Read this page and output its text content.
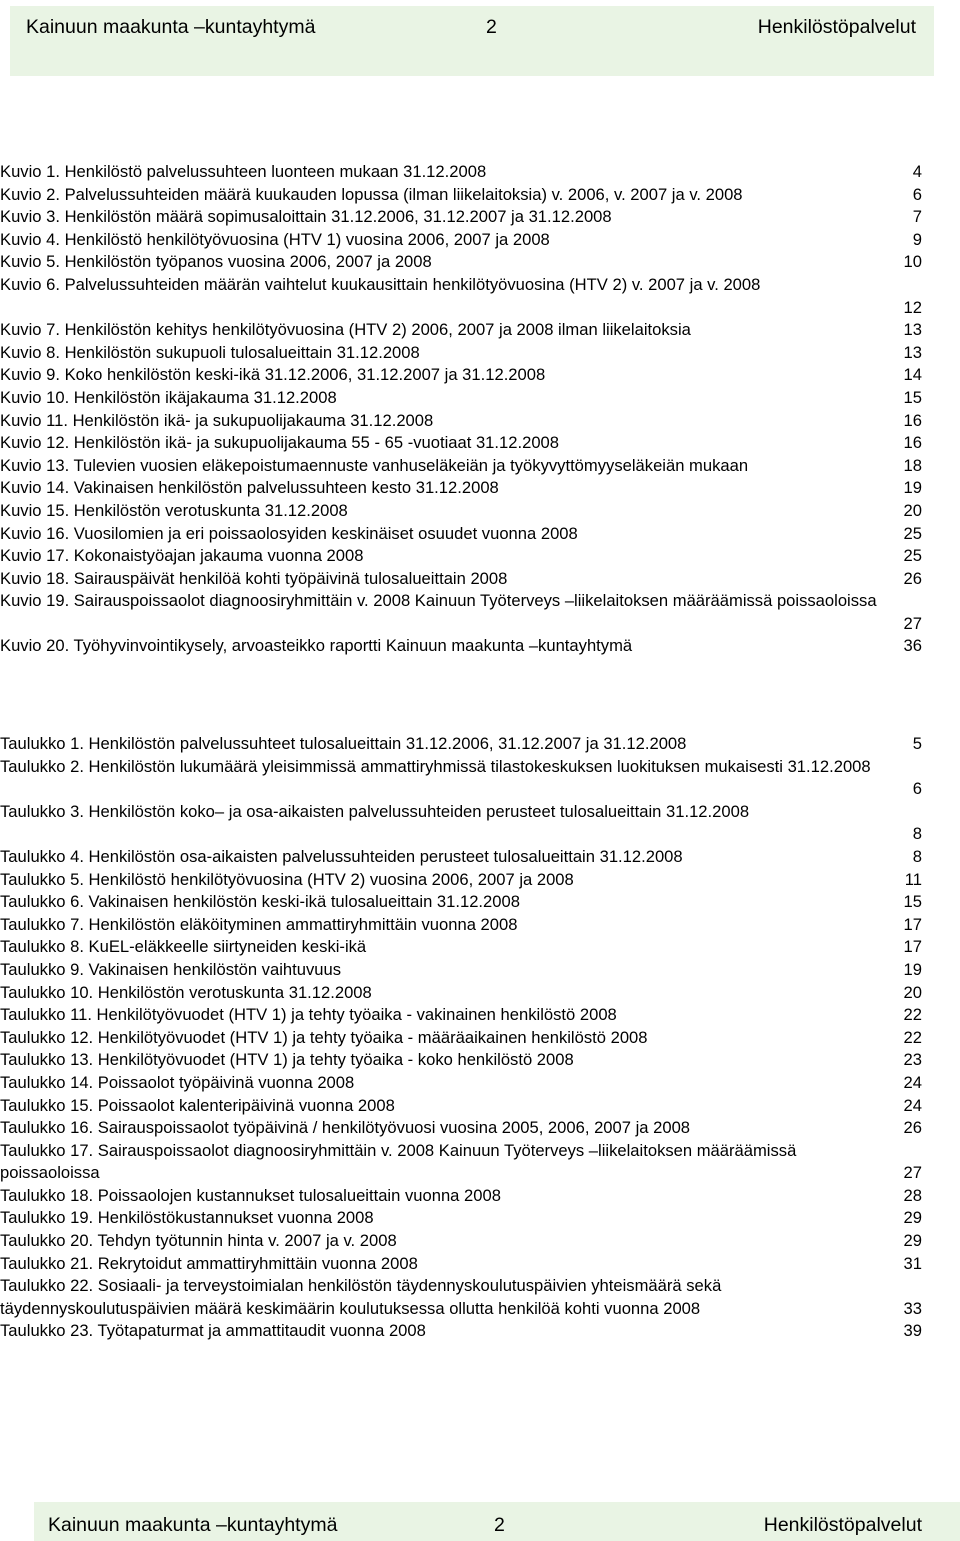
Kainuun maakunta –kuntayhtymä	2	Henkilöstöpalvelut
Kuvio 1. Henkilöstö palvelussuhteen luonteen mukaan 31.12.2008	4
Kuvio 2. Palvelussuhteiden määrä kuukauden lopussa (ilman liikelaitoksia) v. 2006, v. 2007 ja v. 2008	6
Kuvio 3. Henkilöstön määrä sopimusaloittain 31.12.2006, 31.12.2007 ja 31.12.2008	7
Kuvio 4. Henkilöstö henkilötyövuosina (HTV 1) vuosina 2006, 2007 ja 2008	9
Kuvio 5. Henkilöstön työpanos vuosina 2006, 2007 ja 2008	10
Kuvio 6. Palvelussuhteiden määrän vaihtelut kuukausittain henkilötyövuosina (HTV 2) v. 2007 ja v. 2008
12
Kuvio 7. Henkilöstön kehitys henkilötyövuosina (HTV 2) 2006, 2007 ja 2008 ilman liikelaitoksia	13
Kuvio 8. Henkilöstön sukupuoli tulosalueittain 31.12.2008	13
Kuvio 9. Koko henkilöstön keski-ikä 31.12.2006, 31.12.2007 ja 31.12.2008	14
Kuvio 10. Henkilöstön ikäjakauma 31.12.2008	15
Kuvio 11. Henkilöstön ikä- ja sukupuolijakauma 31.12.2008	16
Kuvio 12. Henkilöstön ikä- ja sukupuolijakauma 55 - 65 -vuotiaat 31.12.2008	16
Kuvio 13. Tulevien vuosien eläkepoistumaennuste vanhuseläkeiän ja työkyvyttömyyseläkeiän mukaan	18
Kuvio 14. Vakinaisen henkilöstön palvelussuhteen kesto 31.12.2008	19
Kuvio 15. Henkilöstön verotuskunta 31.12.2008	20
Kuvio 16. Vuosilomien ja eri poissaolosyiden keskinäiset osuudet vuonna 2008	25
Kuvio 17. Kokonaistyöajan jakauma vuonna 2008	25
Kuvio 18. Sairauspäivät henkilöä kohti työpäivinä tulosalueittain 2008	26
Kuvio 19. Sairauspoissaolot diagnoosiryhmittäin v. 2008 Kainuun Työterveys –liikelaitoksen määräämissä poissaoloissa
27
Kuvio 20. Työhyvinvointikysely, arvoasteikko raportti Kainuun maakunta –kuntayhtymä	36
Taulukko 1. Henkilöstön palvelussuhteet tulosalueittain 31.12.2006, 31.12.2007 ja 31.12.2008	5
Taulukko 2. Henkilöstön lukumäärä yleisimmissä ammattiryhmissä tilastokeskuksen luokituksen mukaisesti 31.12.2008
6
Taulukko 3. Henkilöstön koko– ja osa-aikaisten palvelussuhteiden perusteet tulosalueittain 31.12.2008
8
Taulukko 4. Henkilöstön osa-aikaisten palvelussuhteiden perusteet tulosalueittain 31.12.2008	8
Taulukko 5. Henkilöstö henkilötyövuosina (HTV 2) vuosina 2006, 2007 ja 2008	11
Taulukko 6. Vakinaisen henkilöstön keski-ikä tulosalueittain 31.12.2008	15
Taulukko 7. Henkilöstön eläköityminen ammattiryhmittäin vuonna 2008	17
Taulukko 8. KuEL-eläkkeelle siirtyneiden keski-ikä	17
Taulukko 9. Vakinaisen henkilöstön vaihtuvuus	19
Taulukko 10. Henkilöstön verotuskunta 31.12.2008	20
Taulukko 11. Henkilötyövuodet (HTV 1) ja tehty työaika - vakinainen henkilöstö 2008	22
Taulukko 12. Henkilötyövuodet (HTV 1) ja tehty työaika - määräaikainen henkilöstö 2008	22
Taulukko 13. Henkilötyövuodet (HTV 1) ja tehty työaika - koko henkilöstö 2008	23
Taulukko 14. Poissaolot työpäivinä vuonna 2008	24
Taulukko 15. Poissaolot kalenteripäivinä vuonna 2008	24
Taulukko 16. Sairauspoissaolot työpäivinä / henkilötyövuosi vuosina 2005, 2006, 2007 ja 2008	26
Taulukko 17. Sairauspoissaolot diagnoosiryhmittäin v. 2008 Kainuun Työterveys –liikelaitoksen määräämissä poissaoloissa	27
Taulukko 18. Poissaolojen kustannukset tulosalueittain vuonna 2008	28
Taulukko 19. Henkilöstökustannukset vuonna 2008	29
Taulukko 20. Tehdyn työtunnin hinta v. 2007 ja v. 2008	29
Taulukko 21. Rekrytoidut ammattiryhmittäin vuonna 2008	31
Taulukko 22. Sosiaali- ja terveystoimialan henkilöstön täydennyskoulutuspäivien yhteismäärä sekä täydennyskoulutuspäivien määrä keskimäärin koulutuksessa ollutta henkilöä kohti vuonna 2008	33
Taulukko 23. Työtapaturmat ja ammattitaudit vuonna 2008	39
Kainuun maakunta –kuntayhtymä	2	Henkilöstöpalvelut
